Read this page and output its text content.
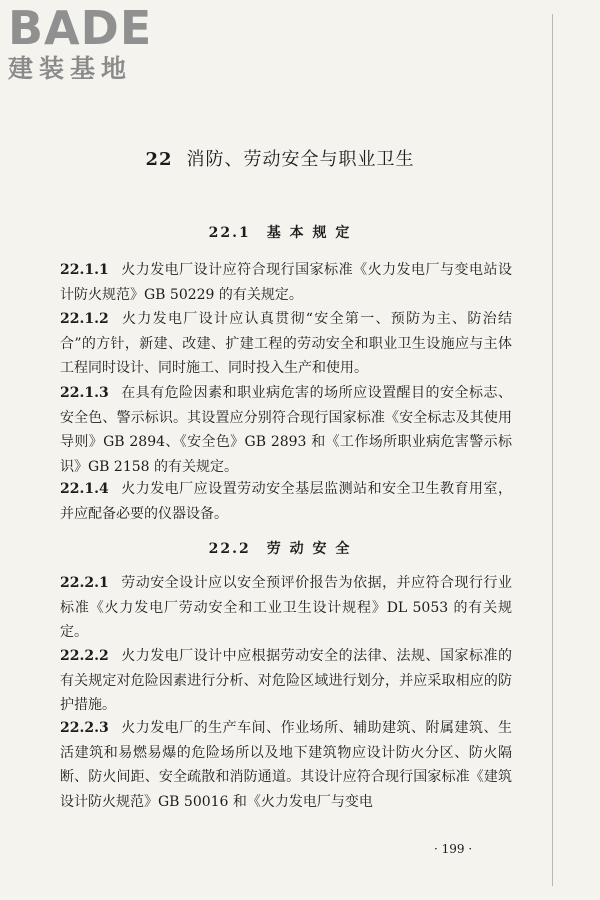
BADE
建装基地
22 消防、劳动安全与职业卫生
22.1　基 本 规 定
22.1.1 火力发电厂设计应符合现行国家标准《火力发电厂与变电站设计防火规范》GB 50229 的有关规定。
22.1.2 火力发电厂设计应认真贯彻“安全第一、预防为主、防治结合”的方针，新建、改建、扩建工程的劳动安全和职业卫生设施应与主体工程同时设计、同时施工、同时投入生产和使用。
22.1.3 在具有危险因素和职业病危害的场所应设置醒目的安全标志、安全色、警示标识。其设置应分别符合现行国家标准《安全标志及其使用导则》GB 2894、《安全色》GB 2893 和《工作场所职业病危害警示标识》GB 2158 的有关规定。
22.1.4 火力发电厂应设置劳动安全基层监测站和安全卫生教育用室，并应配备必要的仪器设备。
22.2　劳 动 安 全
22.2.1 劳动安全设计应以安全预评价报告为依据，并应符合现行行业标准《火力发电厂劳动安全和工业卫生设计规程》DL 5053 的有关规定。
22.2.2 火力发电厂设计中应根据劳动安全的法律、法规、国家标准的有关规定对危险因素进行分析、对危险区域进行划分，并应采取相应的防护措施。
22.2.3 火力发电厂的生产车间、作业场所、辅助建筑、附属建筑、生活建筑和易燃易爆的危险场所以及地下建筑物应设计防火分区、防火隔断、防火间距、安全疏散和消防通道。其设计应符合现行国家标准《建筑设计防火规范》GB 50016 和《火力发电厂与变电
· 199 ·
